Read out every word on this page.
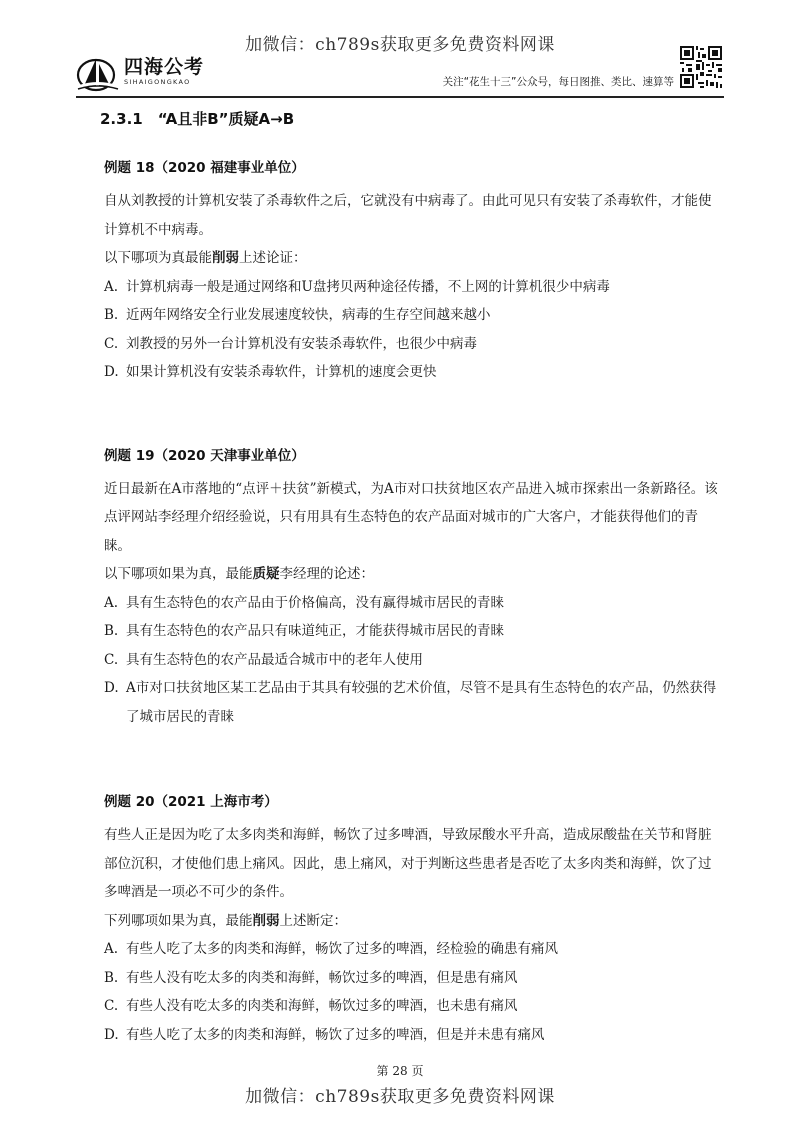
加微信：ch789s获取更多免费资料网课
四海公考
SIHAIGONGKAO	关注“花生十三”公众号，每日图推、类比、速算等
2.3.1　“A且非B”质疑A→B
例题 18（2020 福建事业单位）

自从刘教授的计算机安装了杀毒软件之后，它就没有中病毒了。由此可见只有安装了杀毒软件，才能使计算机不中病毒。

以下哪项为真最能削弱上述论证：

A. 计算机病毒一般是通过网络和U盘拷贝两种途径传播，不上网的计算机很少中病毒

B. 近两年网络安全行业发展速度较快，病毒的生存空间越来越小

C. 刘教授的另外一台计算机没有安装杀毒软件，也很少中病毒

D. 如果计算机没有安装杀毒软件，计算机的速度会更快

例题 19（2020 天津事业单位）

近日最新在A市落地的“点评＋扶贫”新模式，为A市对口扶贫地区农产品进入城市探索出一条新路径。该点评网站李经理介绍经验说，只有用具有生态特色的农产品面对城市的广大客户，才能获得他们的青睐。

以下哪项如果为真，最能质疑李经理的论述：

A. 具有生态特色的农产品由于价格偏高，没有赢得城市居民的青睐

B. 具有生态特色的农产品只有味道纯正，才能获得城市居民的青睐

C. 具有生态特色的农产品最适合城市中的老年人使用

D. A市对口扶贫地区某工艺品由于其具有较强的艺术价值，尽管不是具有生态特色的农产品，仍然获得了城市居民的青睐

例题 20（2021 上海市考）

有些人正是因为吃了太多肉类和海鲜，畅饮了过多啤酒，导致尿酸水平升高，造成尿酸盐在关节和肾脏部位沉积，才使他们患上痛风。因此，患上痛风，对于判断这些患者是否吃了太多肉类和海鲜，饮了过多啤酒是一项必不可少的条件。

下列哪项如果为真，最能削弱上述断定：

A. 有些人吃了太多的肉类和海鲜，畅饮了过多的啤酒，经检验的确患有痛风

B. 有些人没有吃太多的肉类和海鲜，畅饮过多的啤酒，但是患有痛风

C. 有些人没有吃太多的肉类和海鲜，畅饮过多的啤酒，也未患有痛风

D. 有些人吃了太多的肉类和海鲜，畅饮了过多的啤酒，但是并未患有痛风

第 28 页
加微信：ch789s获取更多免费资料网课
